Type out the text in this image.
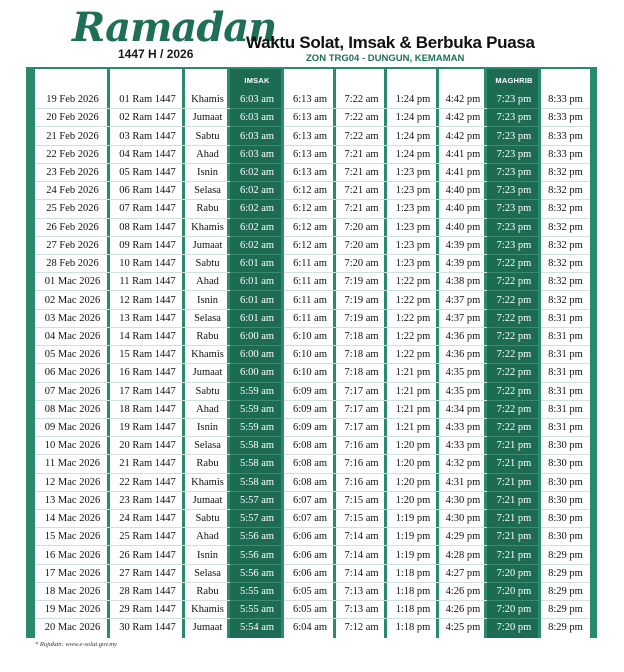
Ramadan
1447 H / 2026
Waktu Solat, Imsak & Berbuka Puasa
ZON TRG04 - DUNGUN, KEMAMAN
TARIKH MILADI	TARIKH HIJRI	HARI	IMSAK	SUBUH	SYURUK	ZOHOR	ASAR	MAGHRIB	ISYAK
19 Feb 2026	01 Ram 1447	Khamis	6:03 am	6:13 am	7:22 am	1:24 pm	4:42 pm	7:23 pm	8:33 pm
20 Feb 2026	02 Ram 1447	Jumaat	6:03 am	6:13 am	7:22 am	1:24 pm	4:42 pm	7:23 pm	8:33 pm
21 Feb 2026	03 Ram 1447	Sabtu	6:03 am	6:13 am	7:22 am	1:24 pm	4:42 pm	7:23 pm	8:33 pm
22 Feb 2026	04 Ram 1447	Ahad	6:03 am	6:13 am	7:21 am	1:24 pm	4:41 pm	7:23 pm	8:33 pm
23 Feb 2026	05 Ram 1447	Isnin	6:02 am	6:13 am	7:21 am	1:23 pm	4:41 pm	7:23 pm	8:32 pm
24 Feb 2026	06 Ram 1447	Selasa	6:02 am	6:12 am	7:21 am	1:23 pm	4:40 pm	7:23 pm	8:32 pm
25 Feb 2026	07 Ram 1447	Rabu	6:02 am	6:12 am	7:21 am	1:23 pm	4:40 pm	7:23 pm	8:32 pm
26 Feb 2026	08 Ram 1447	Khamis	6:02 am	6:12 am	7:20 am	1:23 pm	4:40 pm	7:23 pm	8:32 pm
27 Feb 2026	09 Ram 1447	Jumaat	6:02 am	6:12 am	7:20 am	1:23 pm	4:39 pm	7:23 pm	8:32 pm
28 Feb 2026	10 Ram 1447	Sabtu	6:01 am	6:11 am	7:20 am	1:23 pm	4:39 pm	7:22 pm	8:32 pm
01 Mac 2026	11 Ram 1447	Ahad	6:01 am	6:11 am	7:19 am	1:22 pm	4:38 pm	7:22 pm	8:32 pm
02 Mac 2026	12 Ram 1447	Isnin	6:01 am	6:11 am	7:19 am	1:22 pm	4:37 pm	7:22 pm	8:32 pm
03 Mac 2026	13 Ram 1447	Selasa	6:01 am	6:11 am	7:19 am	1:22 pm	4:37 pm	7:22 pm	8:31 pm
04 Mac 2026	14 Ram 1447	Rabu	6:00 am	6:10 am	7:18 am	1:22 pm	4:36 pm	7:22 pm	8:31 pm
05 Mac 2026	15 Ram 1447	Khamis	6:00 am	6:10 am	7:18 am	1:22 pm	4:36 pm	7:22 pm	8:31 pm
06 Mac 2026	16 Ram 1447	Jumaat	6:00 am	6:10 am	7:18 am	1:21 pm	4:35 pm	7:22 pm	8:31 pm
07 Mac 2026	17 Ram 1447	Sabtu	5:59 am	6:09 am	7:17 am	1:21 pm	4:35 pm	7:22 pm	8:31 pm
08 Mac 2026	18 Ram 1447	Ahad	5:59 am	6:09 am	7:17 am	1:21 pm	4:34 pm	7:22 pm	8:31 pm
09 Mac 2026	19 Ram 1447	Isnin	5:59 am	6:09 am	7:17 am	1:21 pm	4:33 pm	7:22 pm	8:31 pm
10 Mac 2026	20 Ram 1447	Selasa	5:58 am	6:08 am	7:16 am	1:20 pm	4:33 pm	7:21 pm	8:30 pm
11 Mac 2026	21 Ram 1447	Rabu	5:58 am	6:08 am	7:16 am	1:20 pm	4:32 pm	7:21 pm	8:30 pm
12 Mac 2026	22 Ram 1447	Khamis	5:58 am	6:08 am	7:16 am	1:20 pm	4:31 pm	7:21 pm	8:30 pm
13 Mac 2026	23 Ram 1447	Jumaat	5:57 am	6:07 am	7:15 am	1:20 pm	4:30 pm	7:21 pm	8:30 pm
14 Mac 2026	24 Ram 1447	Sabtu	5:57 am	6:07 am	7:15 am	1:19 pm	4:30 pm	7:21 pm	8:30 pm
15 Mac 2026	25 Ram 1447	Ahad	5:56 am	6:06 am	7:14 am	1:19 pm	4:29 pm	7:21 pm	8:30 pm
16 Mac 2026	26 Ram 1447	Isnin	5:56 am	6:06 am	7:14 am	1:19 pm	4:28 pm	7:21 pm	8:29 pm
17 Mac 2026	27 Ram 1447	Selasa	5:56 am	6:06 am	7:14 am	1:18 pm	4:27 pm	7:20 pm	8:29 pm
18 Mac 2026	28 Ram 1447	Rabu	5:55 am	6:05 am	7:13 am	1:18 pm	4:26 pm	7:20 pm	8:29 pm
19 Mac 2026	29 Ram 1447	Khamis	5:55 am	6:05 am	7:13 am	1:18 pm	4:26 pm	7:20 pm	8:29 pm
20 Mac 2026	30 Ram 1447	Jumaat	5:54 am	6:04 am	7:12 am	1:18 pm	4:25 pm	7:20 pm	8:29 pm
* Rujukan: www.e-solat.gov.my
